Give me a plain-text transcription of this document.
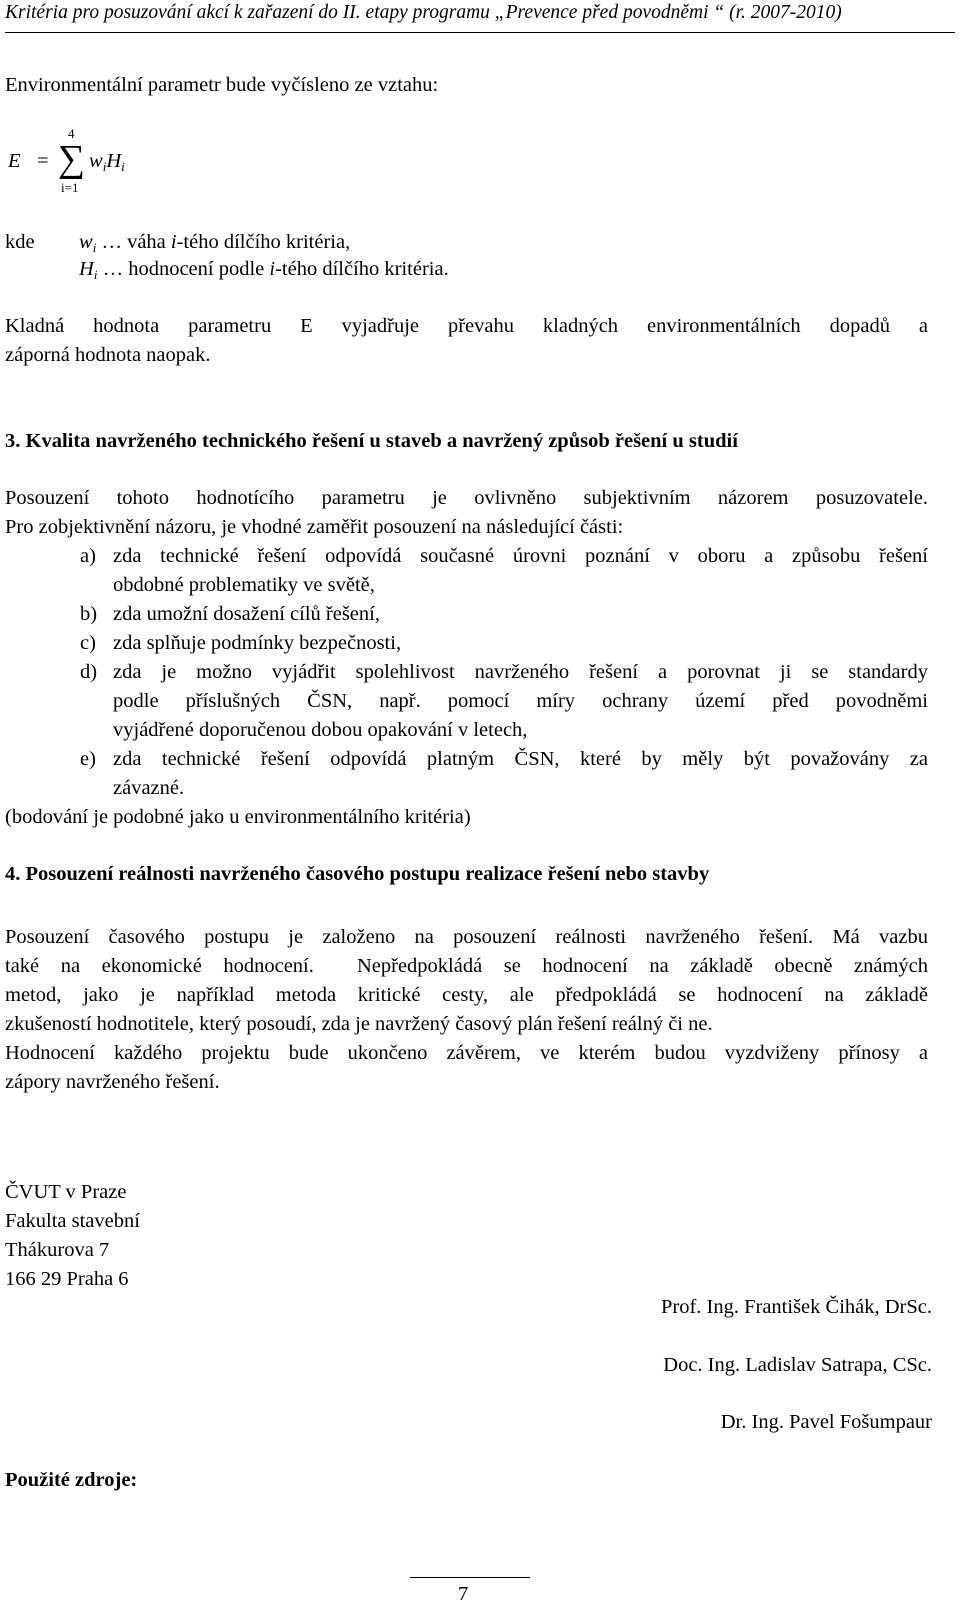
Kritéria pro posuzování akcí k zařazení do II. etapy programu „Prevence před povodněmi “ (r. 2007-2010)
Environmentální parametr bude vyčísleno ze vztahu:
E =
4
∑
i=1
$w_iH_i$
kde $w_i$ … váha i-tého dílčího kritéria,
$H_i$ … hodnocení podle i-tého dílčího kritéria.
Kladná hodnota parametru E vyjadřuje převahu kladných environmentálních dopadů a
záporná hodnota naopak.
3. Kvalita navrženého technického řešení u staveb a navržený způsob řešení u studií
Posouzení tohoto hodnotícího parametru je ovlivněno subjektivním názorem posuzovatele.
Pro zobjektivnění názoru, je vhodné zaměřit posouzení na následující části:
a) zda technické řešení odpovídá současné úrovni poznání v oboru a způsobu řešení
obdobné problematiky ve světě,
b) zda umožní dosažení cílů řešení,
c) zda splňuje podmínky bezpečnosti,
d) zda je možno vyjádřit spolehlivost navrženého řešení a porovnat ji se standardy
podle příslušných ČSN, např. pomocí míry ochrany území před povodněmi
vyjádřené doporučenou dobou opakování v letech,
e) zda technické řešení odpovídá platným ČSN, které by měly být považovány za
závazné.
(bodování je podobné jako u environmentálního kritéria)
4. Posouzení reálnosti navrženého časového postupu realizace řešení nebo stavby
Posouzení časového postupu je založeno na posouzení reálnosti navrženého řešení. Má vazbu
také na ekonomické hodnocení.  Nepředpokládá se hodnocení na základě obecně známých
metod, jako je například metoda kritické cesty, ale předpokládá se hodnocení na základě
zkušeností hodnotitele, který posoudí, zda je navržený časový plán řešení reálný či ne.
Hodnocení každého projektu bude ukončeno závěrem, ve kterém budou vyzdviženy přínosy a
zápory navrženého řešení.
ČVUT v Praze
Fakulta stavební
Thákurova 7
166 29 Praha 6
Prof. Ing. František Čihák, DrSc.
Doc. Ing. Ladislav Satrapa, CSc.
Dr. Ing. Pavel Fošumpaur
Použité zdroje:
7
